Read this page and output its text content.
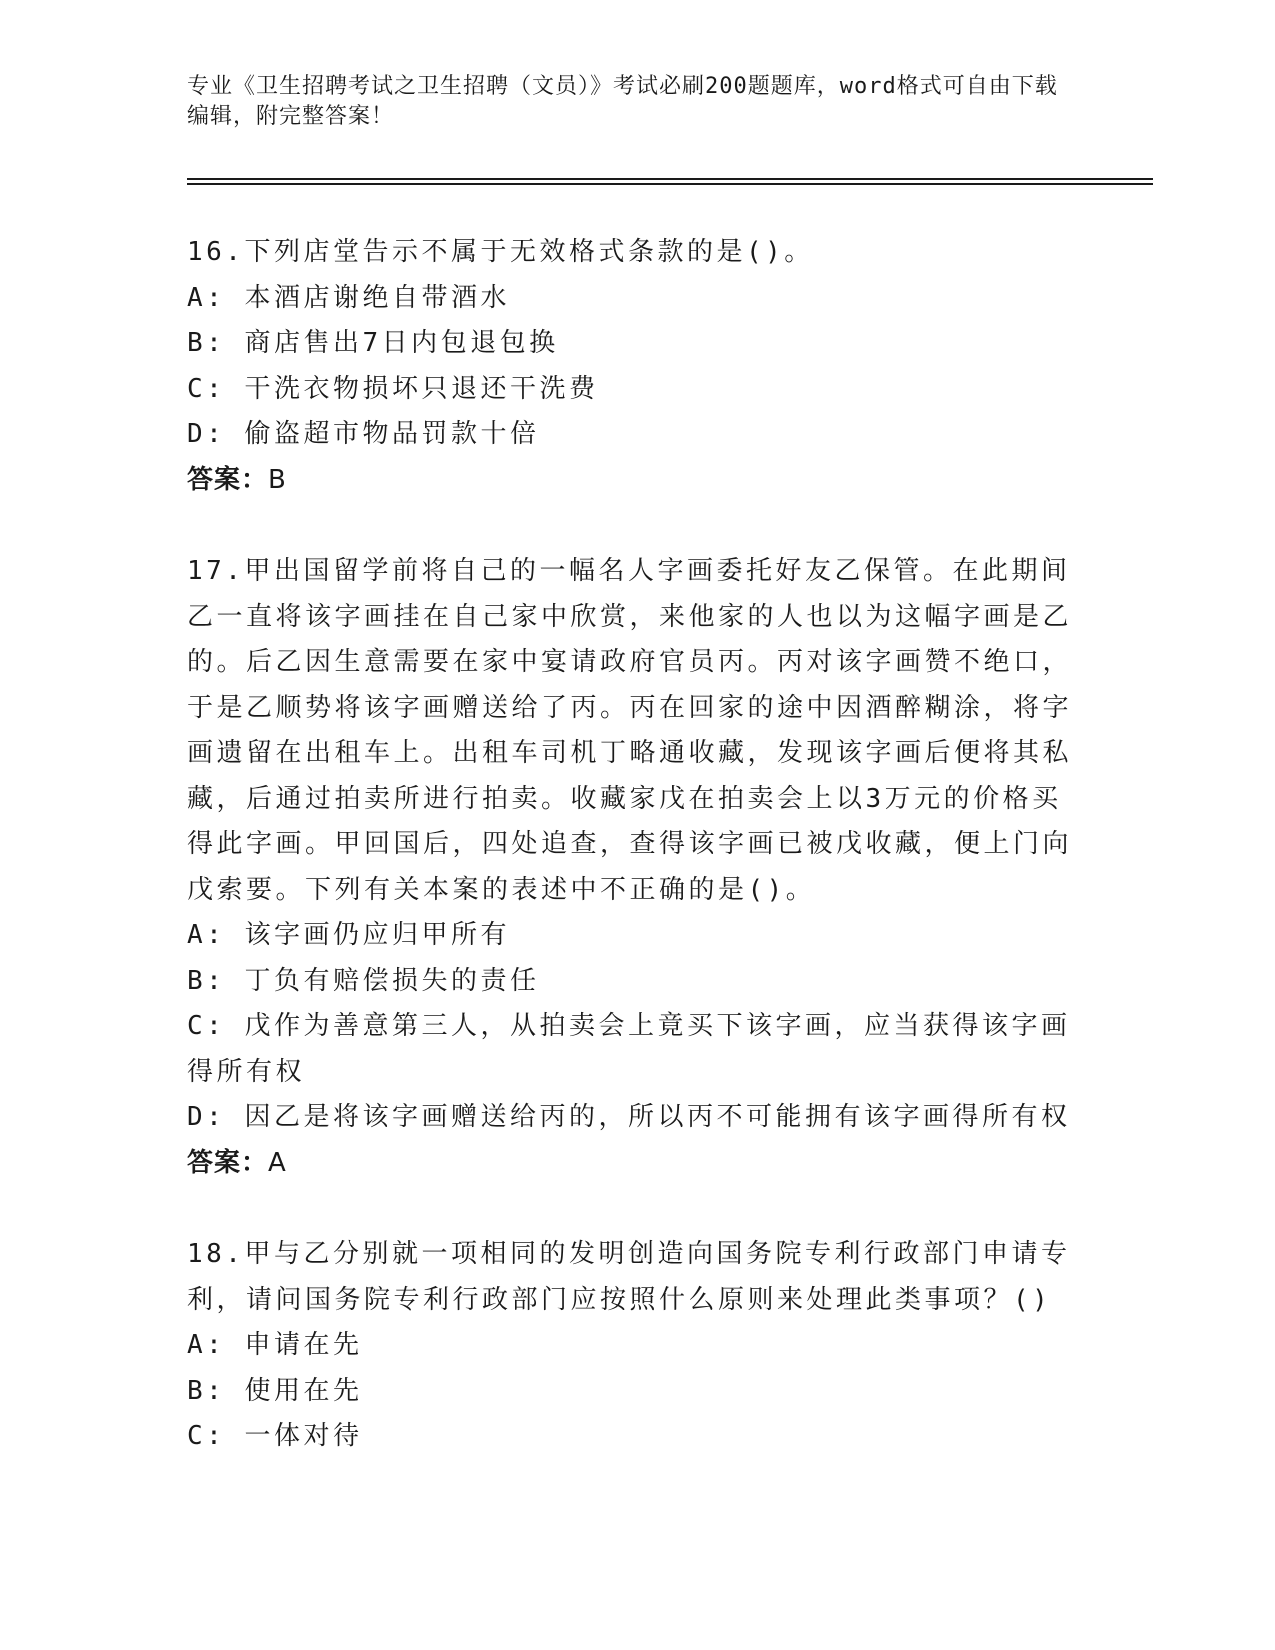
专业《卫生招聘考试之卫生招聘（文员）》考试必刷200题题库，word格式可自由下载编辑，附完整答案！

16.下列店堂告示不属于无效格式条款的是()。

A: 本酒店谢绝自带酒水

B: 商店售出7日内包退包换

C: 干洗衣物损坏只退还干洗费

D: 偷盗超市物品罚款十倍

答案：B

17.甲出国留学前将自己的一幅名人字画委托好友乙保管。在此期间乙一直将该字画挂在自己家中欣赏，来他家的人也以为这幅字画是乙的。后乙因生意需要在家中宴请政府官员丙。丙对该字画赞不绝口，于是乙顺势将该字画赠送给了丙。丙在回家的途中因酒醉糊涂，将字画遗留在出租车上。出租车司机丁略通收藏，发现该字画后便将其私藏，后通过拍卖所进行拍卖。收藏家戊在拍卖会上以3万元的价格买得此字画。甲回国后，四处追查，查得该字画已被戊收藏，便上门向戊索要。下列有关本案的表述中不正确的是()。

A: 该字画仍应归甲所有

B: 丁负有赔偿损失的责任

C: 戊作为善意第三人，从拍卖会上竟买下该字画，应当获得该字画得所有权

D: 因乙是将该字画赠送给丙的，所以丙不可能拥有该字画得所有权

答案：A

18.甲与乙分别就一项相同的发明创造向国务院专利行政部门申请专利，请问国务院专利行政部门应按照什么原则来处理此类事项？()

A: 申请在先

B: 使用在先

C: 一体对待
